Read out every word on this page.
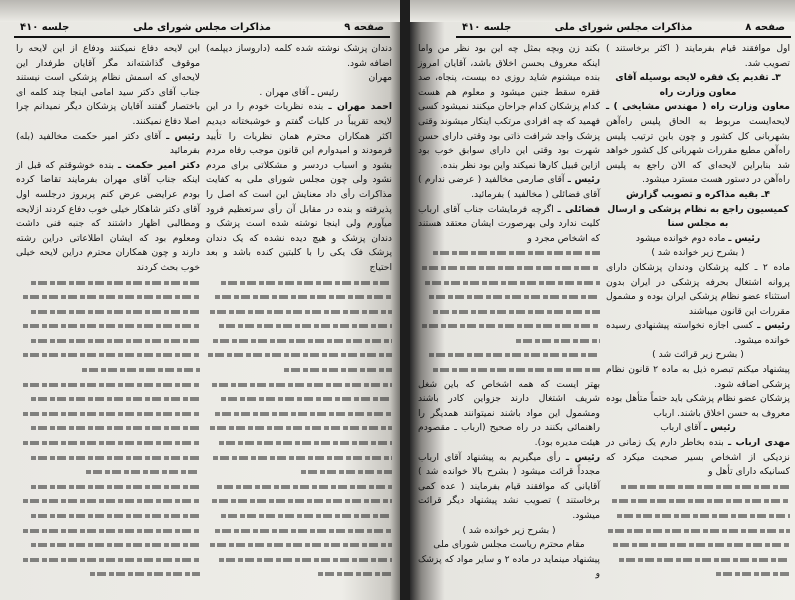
صفحه ۹
مذاکرات مجلس شورای ملی
جلسه ۴۱۰

دندان پزشک نوشته شده کلمه (داروساز دیپلمه) اضافه شود.

مهران

رئیس ـ آقای مهران .

احمد مهران ـ بنده نظریات خودم را در این لایحه تقریباً در کلیات گفتم و خوشبختانه دیدیم اکثر همکاران محترم همان نظریات را تأیید فرمودند و امیدوارم این قانون موجب رفاه مردم بشود و اسباب دردسر و مشکلاتی برای مردم نشود ولی چون مجلس شورای ملی به کفایت مذاکرات رأی داد معنایش این است که اصل را پذیرفته و بنده در مقابل آن رأی سرتعظیم فرود میآورم ولی اینجا نوشته شده است پزشک و دندان پزشک و هیچ دیده نشده که یک دندان پزشک فک یکی را با کلبتین کنده باشد و بعد احتیاج

این لایحه دفاع نمیکنند ودفاع از این لایحه را موقوف گذاشته‌اند مگر آقایان طرفدار این لایحه‌ای که اسمش نظام پزشکی است نیستند جناب آقای دکتر سید امامی اینجا چند کلمه ای باختصار گفتند آقایان پزشکان دیگر نمیدانم چرا اصلا دفاع نمیکنند.

رئیس ـ آقای دکتر امیر حکمت مخالفید (بله) بفرمائید

دکتر امیر حکمت ـ بنده خوشوقتم که قبل از اینکه جناب آقای مهران بفرمایند تقاضا کرده بودم عرایضی عرض کنم پریروز درجلسه اول آقای دکتر شاهکار خیلی خوب دفاع کردند ازلایحه ومطالبی اظهار داشتند که جنبه فنی داشت ومعلوم بود که ایشان اطلاعاتی دراین رشته دارند و چون همکاران محترم دراین لایحه خیلی خوب بحث کردند

صفحه ۸
مذاکرات مجلس شورای ملی
جلسه ۴۱۰

اول موافقند قیام بفرمایند ( اکثر برخاستند ) تصویب شد.

۳ـ تقدیم یک فقره لایحه بوسیله آقای معاون وزارت راه

معاون وزارت راه ( مهندس مشایخی ) ـ لایحه‌ایست مربوط به الحاق پلیس راه‌آهن بشهربانی کل کشور و چون باین ترتیب پلیس راه‌آهن مطیع مقررات شهربانی کل کشور خواهد شد بنابراین لایحه‌ای که الان راجع به پلیس راه‌آهن در دستور هست مسترد میشود.

۴ـ بقیه مذاکره و تصویب گزارش کمیسیون راجع به نظام پزشکی و ارسال به مجلس سنا

رئیس ـ ماده دوم خوانده میشود

( بشرح زیر خوانده شد )

ماده ۲ ـ کلیه پزشکان ودندان پزشکان دارای پروانه اشتغال بحرفه پزشکی در ایران بدون استثناء عضو نظام پزشکی ایران بوده و مشمول مقررات این قانون میباشند

رئیس ـ کسی اجازه نخواسته پیشنهادی رسیده خوانده میشود.

( بشرح زیر قرائت شد )

پیشنهاد میکنم تبصره ذیل به ماده ۲ قانون نظام پزشکی اضافه شود.

پزشکان عضو نظام پزشکی باید حتماً متأهل بوده معروف به حسن اخلاق باشند. ارباب

رئیس ـ آقای ارباب

مهدی ارباب ـ بنده بخاطر دارم یک زمانی در نزدیکی از اشخاص بسیر صحبت میکرد که کسانیکه دارای تأهل و

بکند زن وبچه بمثل چه این بود نظر من واما اینکه معروف بحسن اخلاق باشد، آقایان امروز بنده میشنوم شاید روزی ده بیست، پنجاه، صد فقره سقط جنین میشود و معلوم هم هست کدام پزشکان کدام جراحان میکنند نمیشود کسی فهمید که چه افرادی مرتکب اینکار میشوند وقتی پزشک واجد شرافت ذاتی بود وقتی دارای حسن شهرت بود وقتی این دارای سوابق خوب بود ازاین قبیل کارها نمیکند واین بود نظر بنده.

رئیس ـ آقای صارمی مخالفید ( عرضی ندارم ) آقای فضائلی ( مخالفید ) بفرمائید.

فضائلی ـ اگرچه فرمایشات جناب آقای ارباب کلیت ندارد ولی بهرصورت ایشان معتقد هستند که اشخاص مجرد و

بهتر ایست که همه اشخاص که باین شغل شریف اشتغال دارند جزواین کادر باشند ومشمول این مواد باشند نمیتوانند همدیگر را راهنمائی بکنند در راه صحیح (ارباب ـ مقصودم هیئت مدیره بود).

رئیس ـ رأی میگیریم به پیشنهاد آقای ارباب مجدداً قرائت میشود ( بشرح بالا خوانده شد ) آقایانی که موافقند قیام بفرمایند ( عده کمی برخاستند ) تصویب نشد پیشنهاد دیگر قرائت میشود.

( بشرح زیر خوانده شد )

مقام محترم ریاست مجلس شورای ملی

پیشنهاد مینماید در ماده ۲ و سایر مواد که پزشک و
